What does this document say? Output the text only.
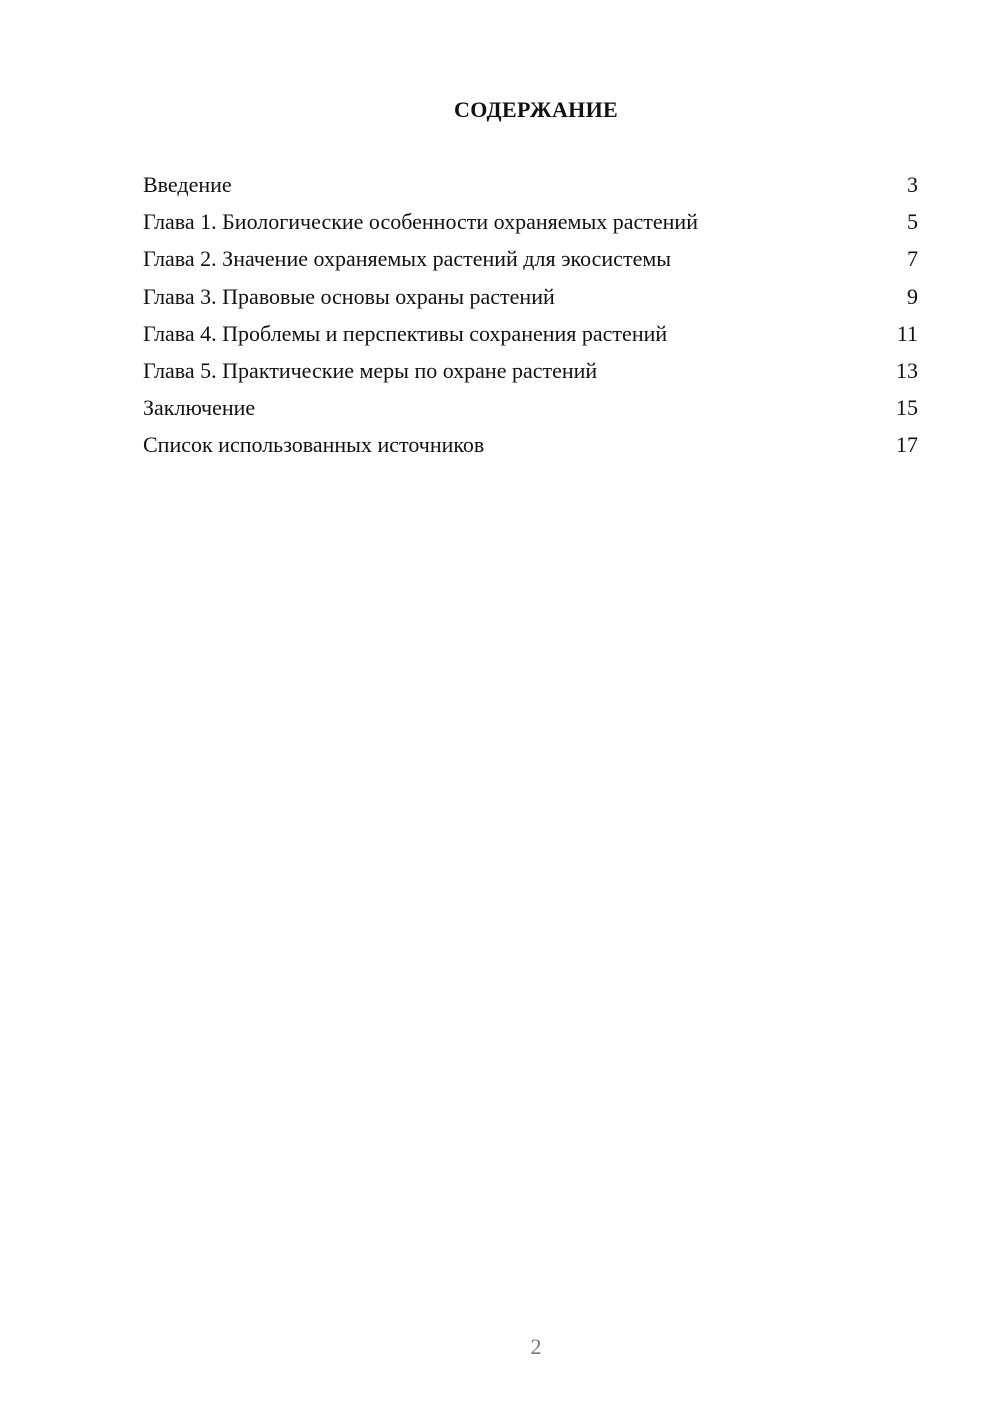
СОДЕРЖАНИЕ
Введение	3
Глава 1. Биологические особенности охраняемых растений	5
Глава 2. Значение охраняемых растений для экосистемы	7
Глава 3. Правовые основы охраны растений	9
Глава 4. Проблемы и перспективы сохранения растений	11
Глава 5. Практические меры по охране растений	13
Заключение	15
Список использованных источников	17
2
